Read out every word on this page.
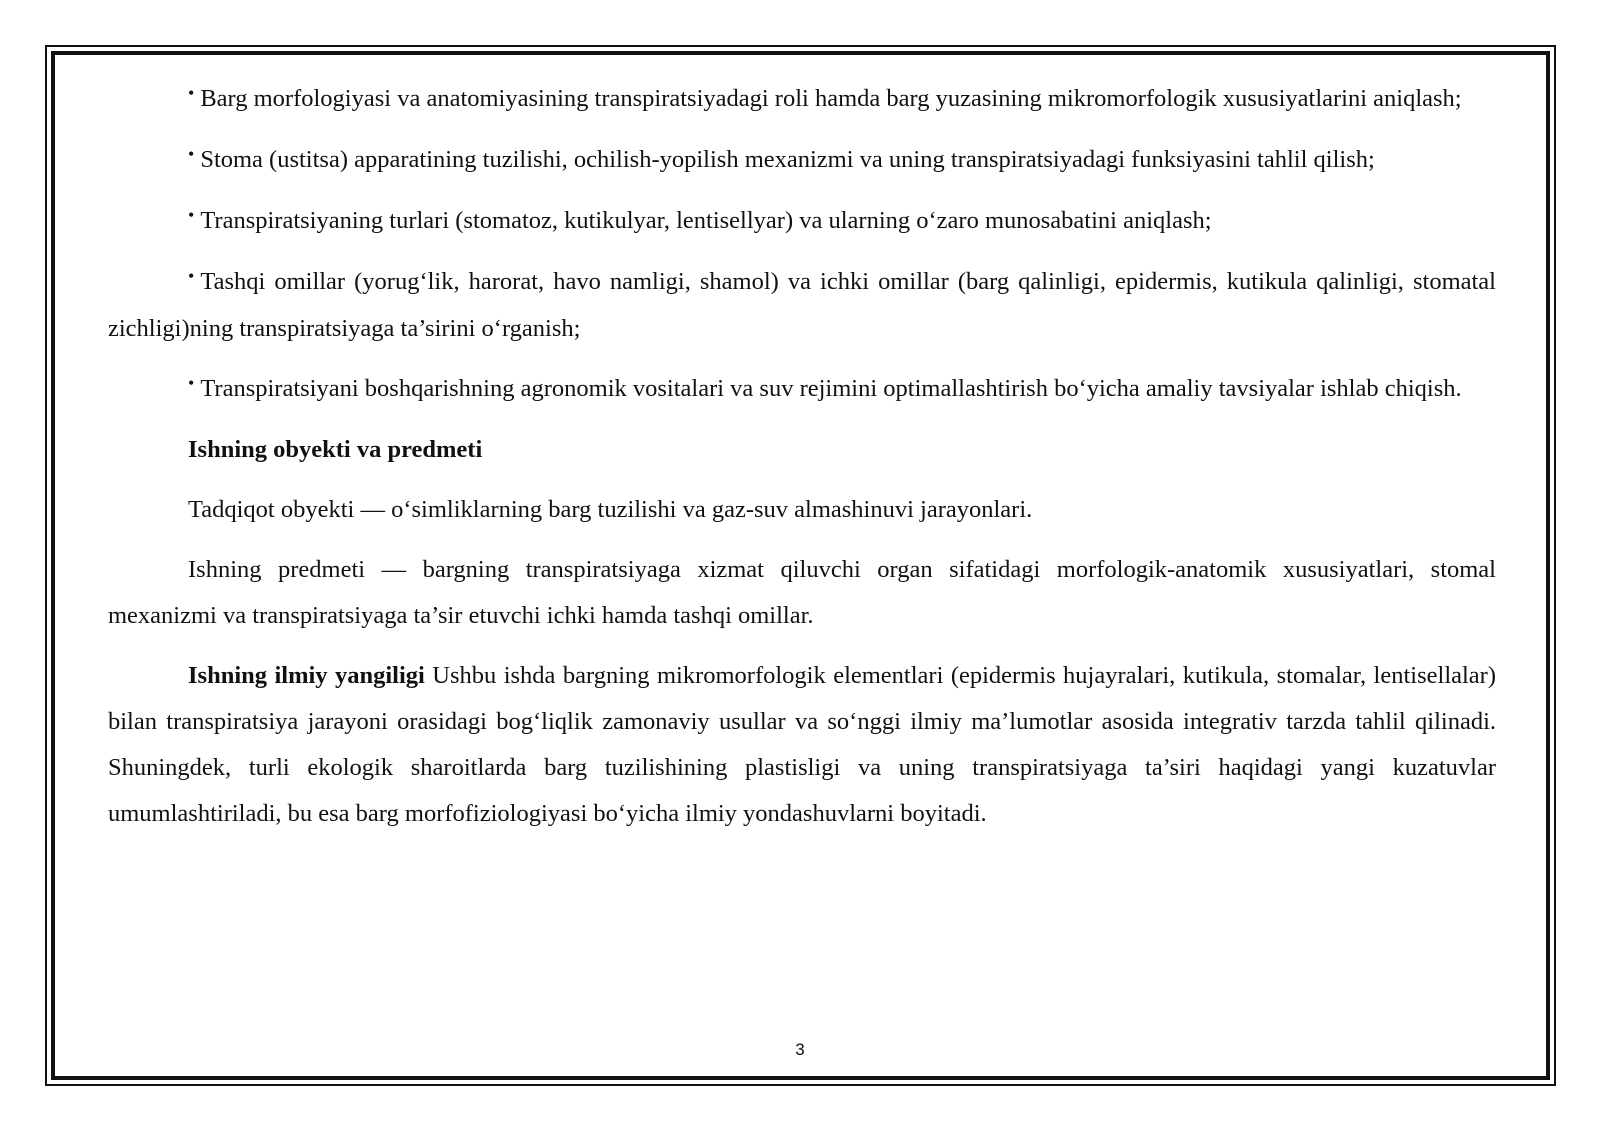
• Barg morfologiyasi va anatomiyasining transpiratsiyadagi roli hamda barg yuzasining mikromorfologik xususiyatlarini aniqlash;

• Stoma (ustitsa) apparatining tuzilishi, ochilish-yopilish mexanizmi va uning transpiratsiyadagi funksiyasini tahlil qilish;

• Transpiratsiyaning turlari (stomatoz, kutikulyar, lentisellyar) va ularning o‘zaro munosabatini aniqlash;

• Tashqi omillar (yorug‘lik, harorat, havo namligi, shamol) va ichki omillar (barg qalinligi, epidermis, kutikula qalinligi, stomatal zichligi)ning transpiratsiyaga ta’sirini o‘rganish;

• Transpiratsiyani boshqarishning agronomik vositalari va suv rejimini optimallashtirish bo‘yicha amaliy tavsiyalar ishlab chiqish.

Ishning obyekti va predmeti

Tadqiqot obyekti — o‘simliklarning barg tuzilishi va gaz-suv almashinuvi jarayonlari.

Ishning predmeti — bargning transpiratsiyaga xizmat qiluvchi organ sifatidagi morfologik-anatomik xususiyatlari, stomal mexanizmi va transpiratsiyaga ta’sir etuvchi ichki hamda tashqi omillar.

Ishning ilmiy yangiligi Ushbu ishda bargning mikromorfologik elementlari (epidermis hujayralari, kutikula, stomalar, lentisellalar) bilan transpiratsiya jarayoni orasidagi bog‘liqlik zamonaviy usullar va so‘nggi ilmiy ma’lumotlar asosida integrativ tarzda tahlil qilinadi. Shuningdek, turli ekologik sharoitlarda barg tuzilishining plastisligi va uning transpiratsiyaga ta’siri haqidagi yangi kuzatuvlar umumlashtiriladi, bu esa barg morfofiziologiyasi bo‘yicha ilmiy yondashuvlarni boyitadi.

3
